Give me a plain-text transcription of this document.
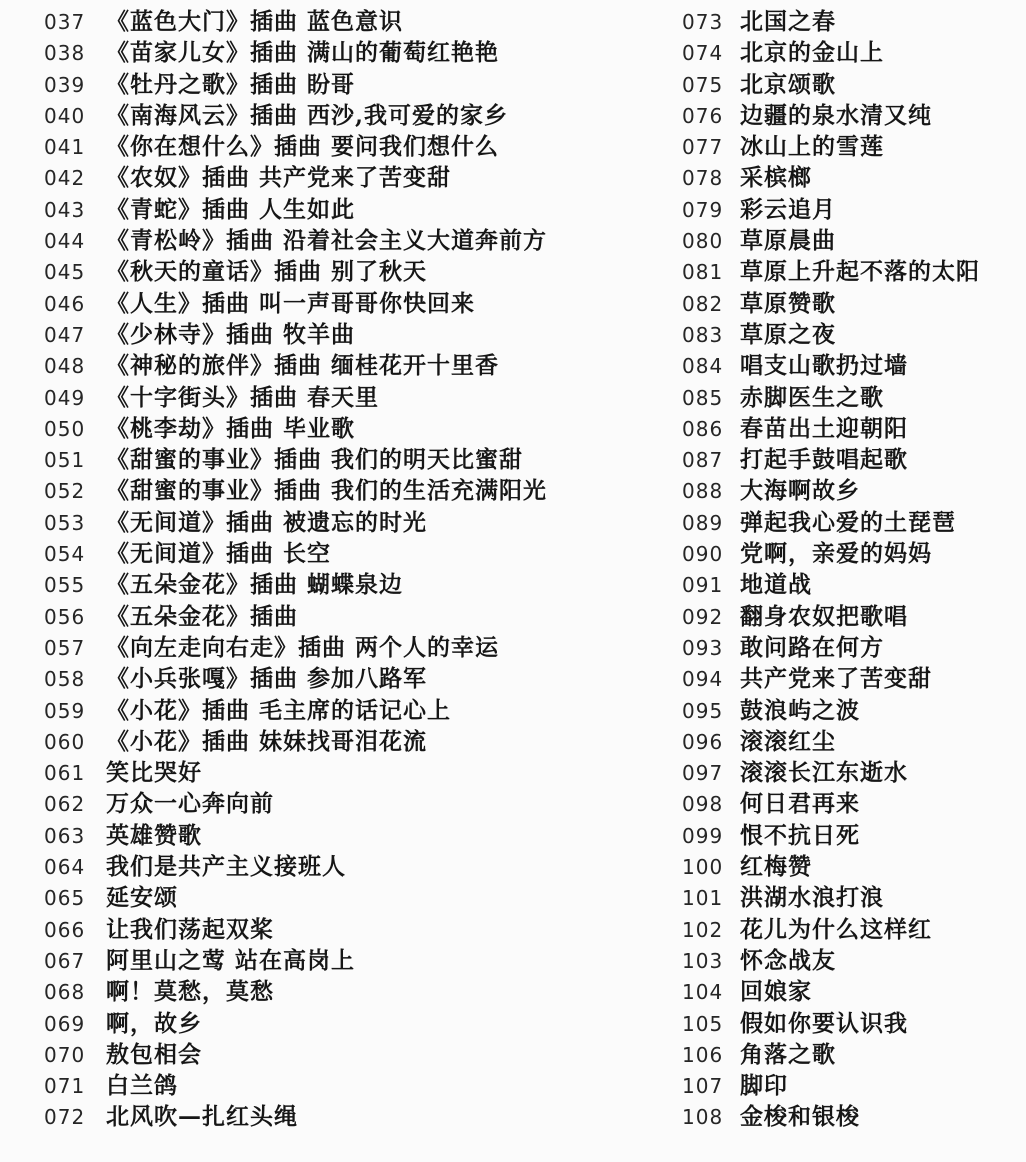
037 《蓝色大门》插曲 蓝色意识
038 《苗家儿女》插曲 满山的葡萄红艳艳
039 《牡丹之歌》插曲 盼哥
040 《南海风云》插曲 西沙,我可爱的家乡
041 《你在想什么》插曲 要问我们想什么
042 《农奴》插曲 共产党来了苦变甜
043 《青蛇》插曲 人生如此
044 《青松岭》插曲 沿着社会主义大道奔前方
045 《秋天的童话》插曲 别了秋天
046 《人生》插曲 叫一声哥哥你快回来
047 《少林寺》插曲 牧羊曲
048 《神秘的旅伴》插曲 缅桂花开十里香
049 《十字街头》插曲 春天里
050 《桃李劫》插曲 毕业歌
051 《甜蜜的事业》插曲 我们的明天比蜜甜
052 《甜蜜的事业》插曲 我们的生活充满阳光
053 《无间道》插曲 被遗忘的时光
054 《无间道》插曲 长空
055 《五朵金花》插曲 蝴蝶泉边
056 《五朵金花》插曲
057 《向左走向右走》插曲 两个人的幸运
058 《小兵张嘎》插曲 参加八路军
059 《小花》插曲 毛主席的话记心上
060 《小花》插曲 妹妹找哥泪花流
061 笑比哭好
062 万众一心奔向前
063 英雄赞歌
064 我们是共产主义接班人
065 延安颂
066 让我们荡起双桨
067 阿里山之莺 站在高岗上
068 啊！莫愁，莫愁
069 啊，故乡
070 敖包相会
071 白兰鸽
072 北风吹—扎红头绳
073 北国之春
074 北京的金山上
075 北京颂歌
076 边疆的泉水清又纯
077 冰山上的雪莲
078 采槟榔
079 彩云追月
080 草原晨曲
081 草原上升起不落的太阳
082 草原赞歌
083 草原之夜
084 唱支山歌扔过墙
085 赤脚医生之歌
086 春苗出土迎朝阳
087 打起手鼓唱起歌
088 大海啊故乡
089 弹起我心爱的土琵琶
090 党啊，亲爱的妈妈
091 地道战
092 翻身农奴把歌唱
093 敢问路在何方
094 共产党来了苦变甜
095 鼓浪屿之波
096 滚滚红尘
097 滚滚长江东逝水
098 何日君再来
099 恨不抗日死
100 红梅赞
101 洪湖水浪打浪
102 花儿为什么这样红
103 怀念战友
104 回娘家
105 假如你要认识我
106 角落之歌
107 脚印
108 金梭和银梭
